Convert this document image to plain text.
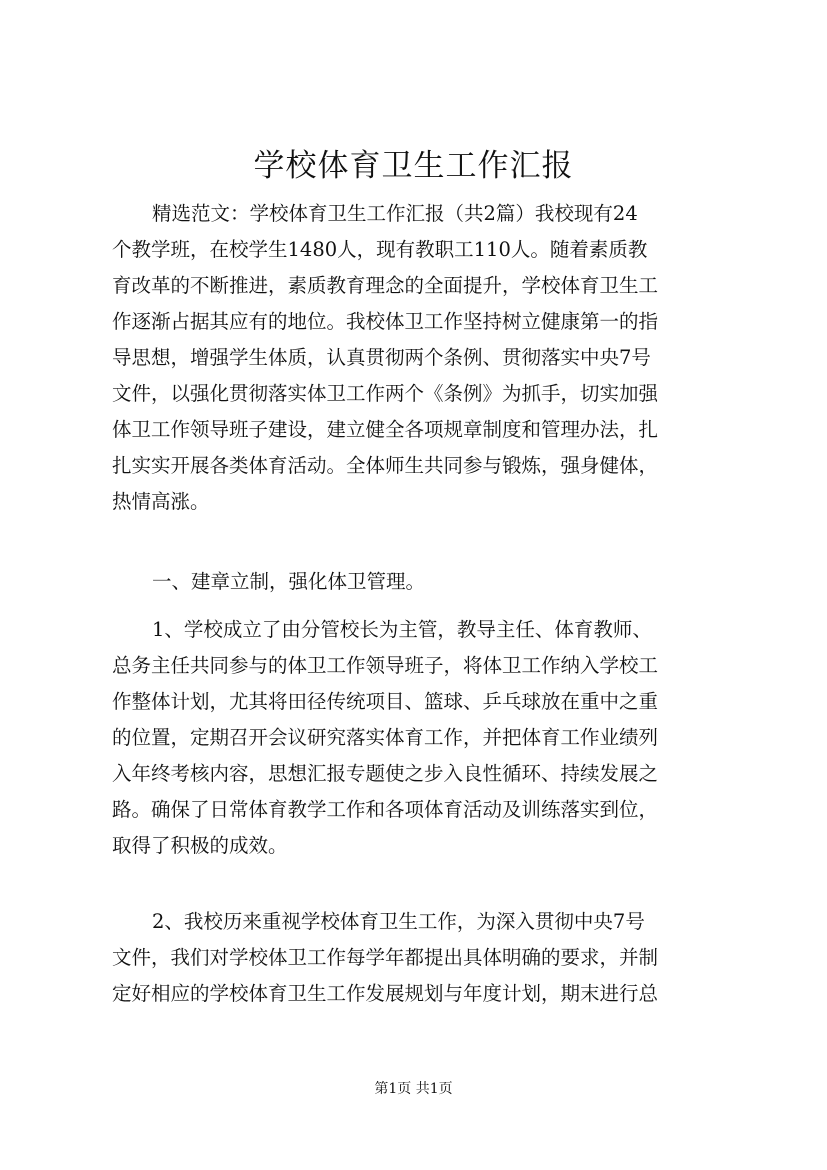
学校体育卫生工作汇报
精选范文：学校体育卫生工作汇报（共2篇）我校现有24
个教学班，在校学生1480人，现有教职工110人。随着素质教
育改革的不断推进，素质教育理念的全面提升，学校体育卫生工
作逐渐占据其应有的地位。我校体卫工作坚持树立健康第一的指
导思想，增强学生体质，认真贯彻两个条例、贯彻落实中央7号
文件，以强化贯彻落实体卫工作两个《条例》为抓手，切实加强
体卫工作领导班子建设，建立健全各项规章制度和管理办法，扎
扎实实开展各类体育活动。全体师生共同参与锻炼，强身健体，
热情高涨。
一、建章立制，强化体卫管理。
1、学校成立了由分管校长为主管，教导主任、体育教师、
总务主任共同参与的体卫工作领导班子，将体卫工作纳入学校工
作整体计划，尤其将田径传统项目、篮球、乒乓球放在重中之重
的位置，定期召开会议研究落实体育工作，并把体育工作业绩列
入年终考核内容，思想汇报专题使之步入良性循环、持续发展之
路。确保了日常体育教学工作和各项体育活动及训练落实到位，
取得了积极的成效。
2、我校历来重视学校体育卫生工作，为深入贯彻中央7号
文件，我们对学校体卫工作每学年都提出具体明确的要求，并制
定好相应的学校体育卫生工作发展规划与年度计划，期末进行总
第1页 共1页
